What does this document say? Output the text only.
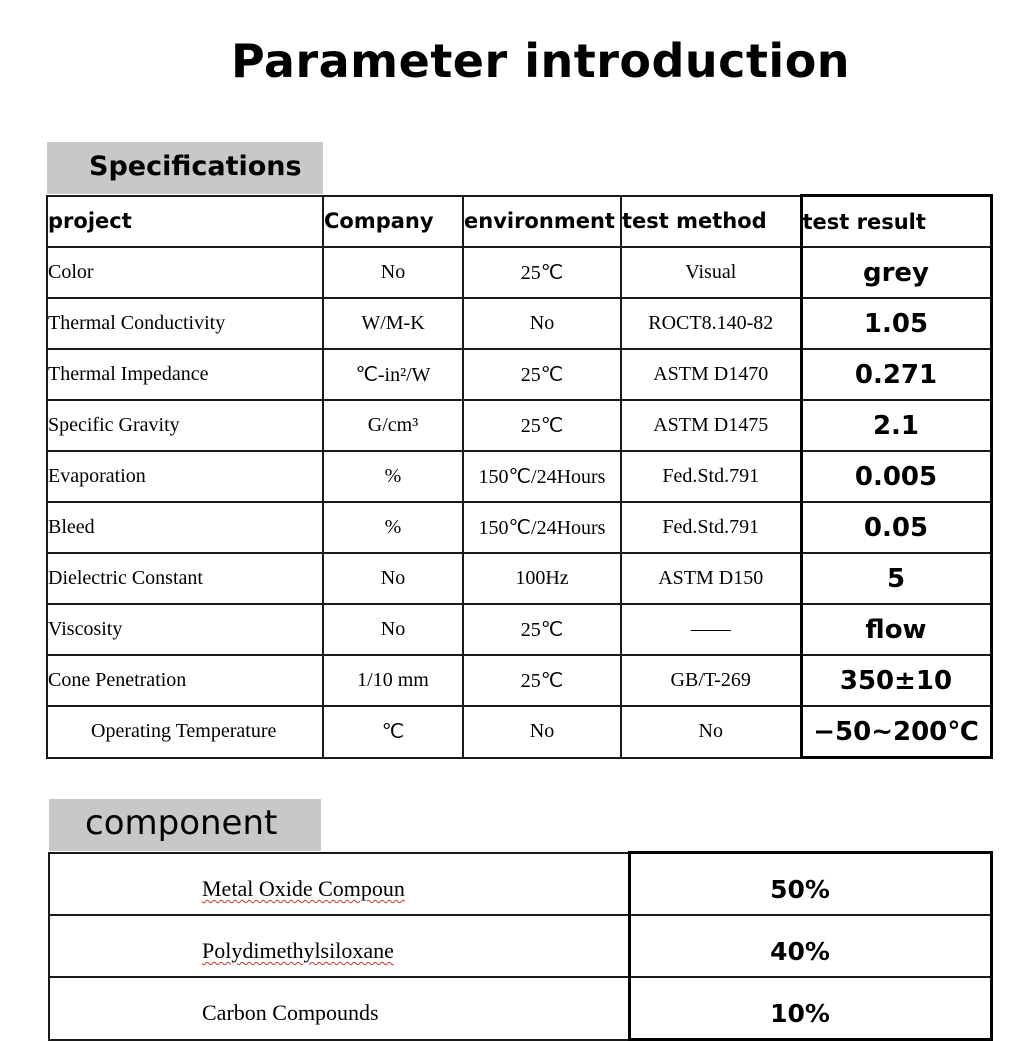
Parameter introduction
Specifications
project	Company	environment	test method	test result
Color	No	25℃	Visual	grey
Thermal Conductivity	W/M-K	No	ROCT8.140-82	1.05
Thermal Impedance	℃-in²/W	25℃	ASTM D1470	0.271
Specific Gravity	G/cm³	25℃	ASTM D1475	2.1
Evaporation	%	150℃/24Hours	Fed.Std.791	0.005
Bleed	%	150℃/24Hours	Fed.Std.791	0.05
Dielectric Constant	No	100Hz	ASTM D150	5
Viscosity	No	25℃	——	flow
Cone Penetration	1/10 mm	25℃	GB/T-269	350±10
Operating Temperature	℃	No	No	−50~200℃
component
Metal Oxide Compoun	50%
Polydimethylsiloxane	40%
Carbon Compounds	10%
